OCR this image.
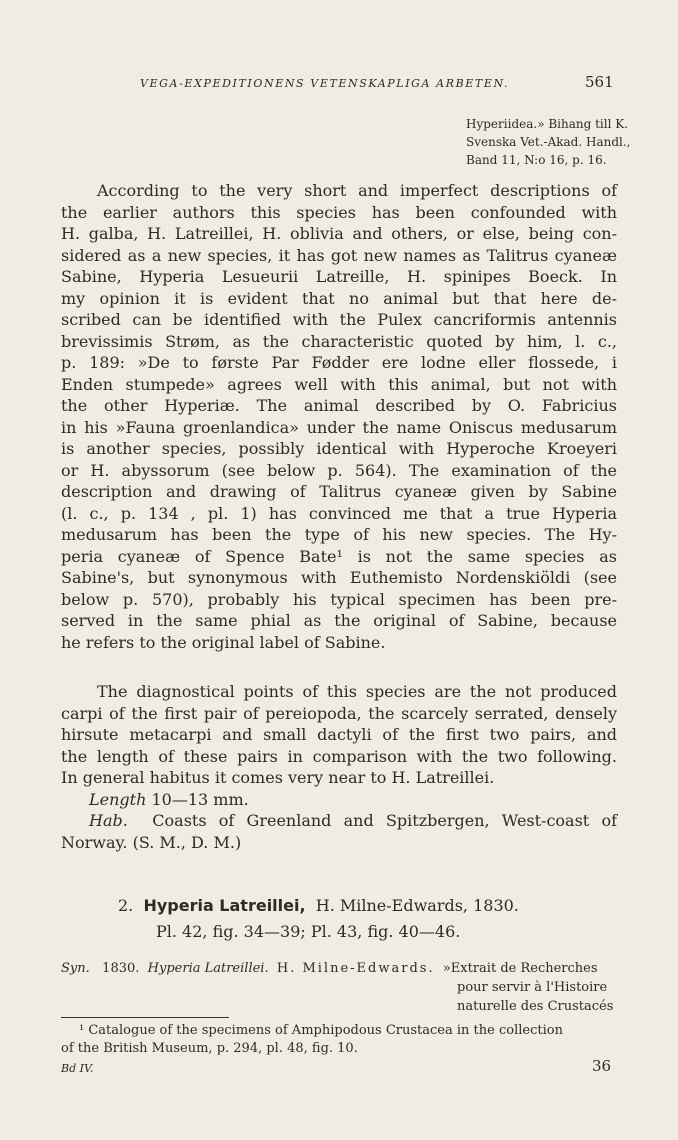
VEGA-EXPEDITIONENS VETENSKAPLIGA ARBETEN.	561
Hyperiidea.» Bihang till K.
Svenska Vet.-Akad. Handl.,
Band 11, N:o 16, p. 16.
According to the very short and imperfect descriptions of
the earlier authors this species has been confounded with
H. galba, H. Latreillei, H. oblivia and others, or else, being con-
sidered as a new species, it has got new names as Talitrus cyaneæ
Sabine, Hyperia Lesueurii Latreille, H. spinipes Boeck. In
my opinion it is evident that no animal but that here de-
scribed can be identified with the Pulex cancriformis antennis
brevissimis Strøm, as the characteristic quoted by him, l. c.,
p. 189: »De to første Par Fødder ere lodne eller flossede, i
Enden stumpede» agrees well with this animal, but not with
the other Hyperiæ. The animal described by O. Fabricius
in his »Fauna groenlandica» under the name Oniscus medusarum
is another species, possibly identical with Hyperoche Kroeyeri
or H. abyssorum (see below p. 564). The examination of the
description and drawing of Talitrus cyaneæ given by Sabine
(l. c., p. 134 , pl. 1) has convinced me that a true Hyperia
medusarum has been the type of his new species. The Hy-
peria cyaneæ of Spence Bate¹ is not the same species as
Sabine's, but synonymous with Euthemisto Nordenskiöldi (see
below p. 570), probably his typical specimen has been pre-
served in the same phial as the original of Sabine, because
he refers to the original label of Sabine.
The diagnostical points of this species are the not produced
carpi of the first pair of pereiopoda, the scarcely serrated, densely
hirsute metacarpi and small dactyli of the first two pairs, and
the length of these pairs in comparison with the two following.
In general habitus it comes very near to H. Latreillei.
Length 10—13 mm.
Hab. Coasts of Greenland and Spitzbergen, West-coast of
Norway. (S. M., D. M.)
2. Hyperia Latreillei, H. Milne-Edwards, 1830.
Pl. 42, fig. 34—39; Pl. 43, fig. 40—46.
Syn. 1830. Hyperia Latreillei. H. Milne-Edwards. »Extrait de Recherches
pour servir à l'Histoire
naturelle des Crustacés
¹ Catalogue of the specimens of Amphipodous Crustacea in the collection
of the British Museum, p. 294, pl. 48, fig. 10.
Bd IV.	36
